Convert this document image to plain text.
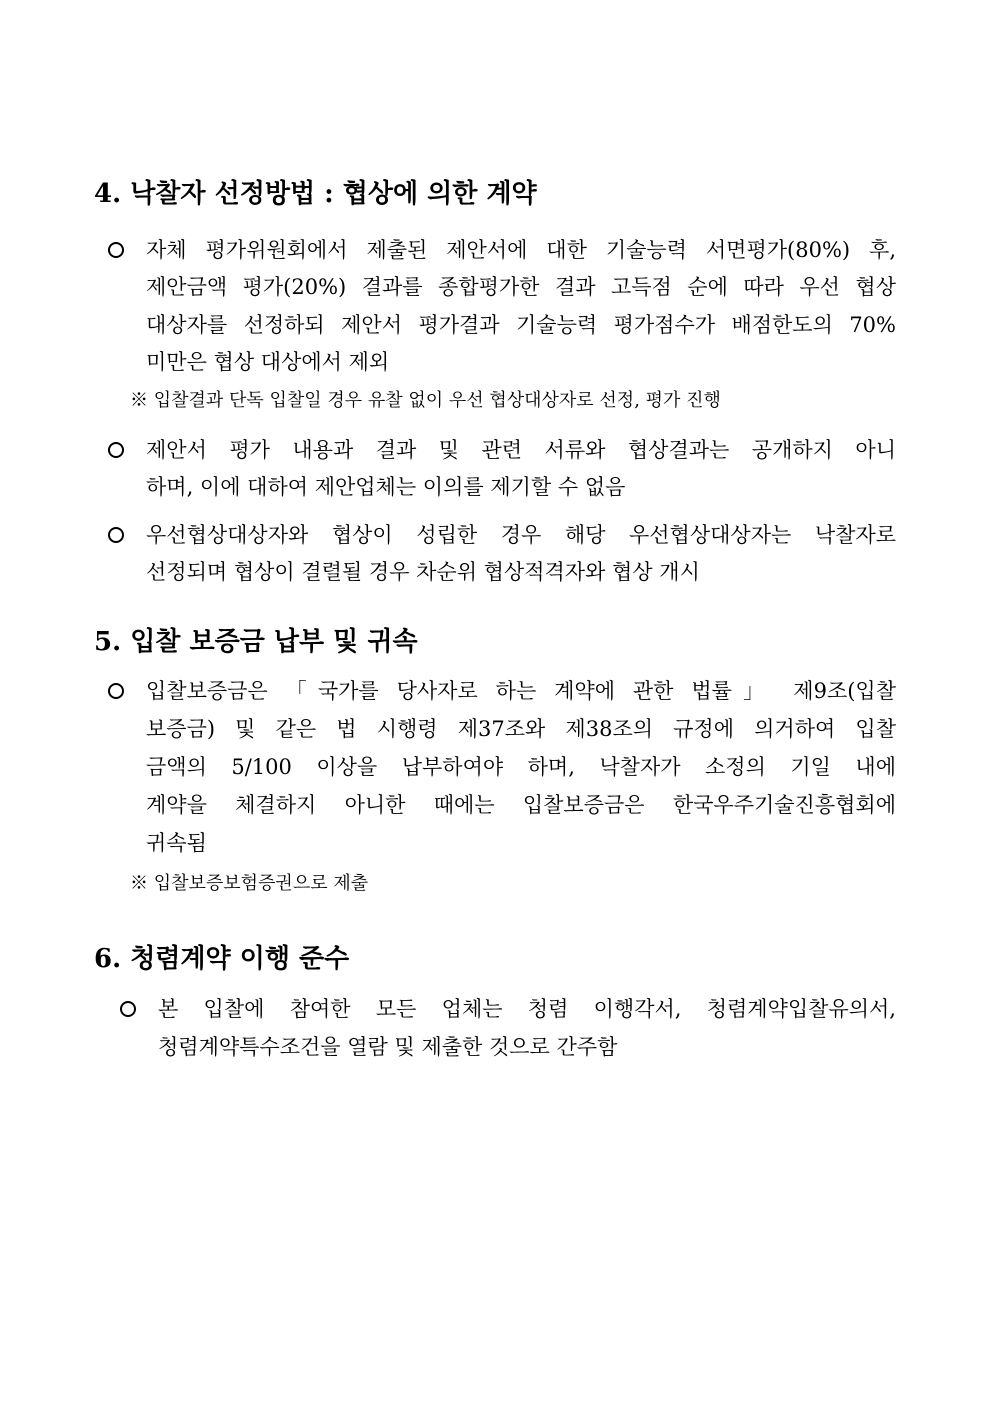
4. 낙찰자 선정방법 : 협상에 의한 계약
자체 평가위원회에서 제출된 제안서에 대한 기술능력 서면평가(80%) 후,
제안금액 평가(20%) 결과를 종합평가한 결과 고득점 순에 따라 우선 협상
대상자를 선정하되 제안서 평가결과 기술능력 평가점수가 배점한도의 70%
미만은 협상 대상에서 제외
※ 입찰결과 단독 입찰일 경우 유찰 없이 우선 협상대상자로 선정, 평가 진행
제안서 평가 내용과 결과 및 관련 서류와 협상결과는 공개하지 아니
하며, 이에 대하여 제안업체는 이의를 제기할 수 없음
우선협상대상자와 협상이 성립한 경우 해당 우선협상대상자는 낙찰자로
선정되며 협상이 결렬될 경우 차순위 협상적격자와 협상 개시
5. 입찰 보증금 납부 및 귀속
입찰보증금은 「국가를 당사자로 하는 계약에 관한 법률」 제9조(입찰
보증금) 및 같은 법 시행령 제37조와 제38조의 규정에 의거하여 입찰
금액의 5/100 이상을 납부하여야 하며, 낙찰자가 소정의 기일 내에
계약을 체결하지 아니한 때에는 입찰보증금은 한국우주기술진흥협회에
귀속됨
※ 입찰보증보험증권으로 제출
6. 청렴계약 이행 준수
본 입찰에 참여한 모든 업체는 청렴 이행각서, 청렴계약입찰유의서,
청렴계약특수조건을 열람 및 제출한 것으로 간주함
